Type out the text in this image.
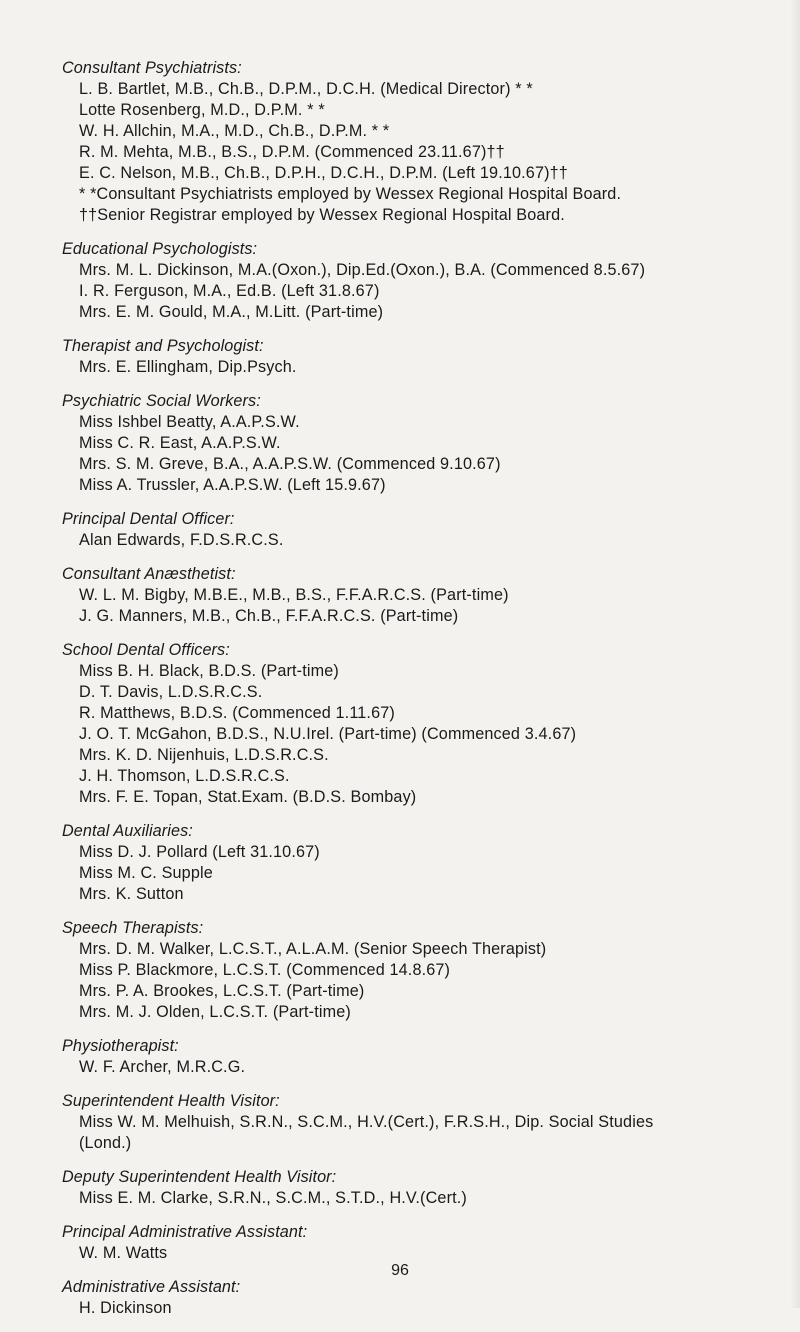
Consultant Psychiatrists:
L. B. Bartlet, M.B., Ch.B., D.P.M., D.C.H. (Medical Director) * *
Lotte Rosenberg, M.D., D.P.M. * *
W. H. Allchin, M.A., M.D., Ch.B., D.P.M. * *
R. M. Mehta, M.B., B.S., D.P.M. (Commenced 23.11.67)††
E. C. Nelson, M.B., Ch.B., D.P.H., D.C.H., D.P.M. (Left 19.10.67)††
* *Consultant Psychiatrists employed by Wessex Regional Hospital Board.
††Senior Registrar employed by Wessex Regional Hospital Board.
Educational Psychologists:
Mrs. M. L. Dickinson, M.A.(Oxon.), Dip.Ed.(Oxon.), B.A. (Commenced 8.5.67)
I. R. Ferguson, M.A., Ed.B. (Left 31.8.67)
Mrs. E. M. Gould, M.A., M.Litt. (Part-time)
Therapist and Psychologist:
Mrs. E. Ellingham, Dip.Psych.
Psychiatric Social Workers:
Miss Ishbel Beatty, A.A.P.S.W.
Miss C. R. East, A.A.P.S.W.
Mrs. S. M. Greve, B.A., A.A.P.S.W. (Commenced 9.10.67)
Miss A. Trussler, A.A.P.S.W. (Left 15.9.67)
Principal Dental Officer:
Alan Edwards, F.D.S.R.C.S.
Consultant Anæsthetist:
W. L. M. Bigby, M.B.E., M.B., B.S., F.F.A.R.C.S. (Part-time)
J. G. Manners, M.B., Ch.B., F.F.A.R.C.S. (Part-time)
School Dental Officers:
Miss B. H. Black, B.D.S. (Part-time)
D. T. Davis, L.D.S.R.C.S.
R. Matthews, B.D.S. (Commenced 1.11.67)
J. O. T. McGahon, B.D.S., N.U.Irel. (Part-time) (Commenced 3.4.67)
Mrs. K. D. Nijenhuis, L.D.S.R.C.S.
J. H. Thomson, L.D.S.R.C.S.
Mrs. F. E. Topan, Stat.Exam. (B.D.S. Bombay)
Dental Auxiliaries:
Miss D. J. Pollard (Left 31.10.67)
Miss M. C. Supple
Mrs. K. Sutton
Speech Therapists:
Mrs. D. M. Walker, L.C.S.T., A.L.A.M. (Senior Speech Therapist)
Miss P. Blackmore, L.C.S.T. (Commenced 14.8.67)
Mrs. P. A. Brookes, L.C.S.T. (Part-time)
Mrs. M. J. Olden, L.C.S.T. (Part-time)
Physiotherapist:
W. F. Archer, M.R.C.G.
Superintendent Health Visitor:
Miss W. M. Melhuish, S.R.N., S.C.M., H.V.(Cert.), F.R.S.H., Dip. Social Studies
(Lond.)
Deputy Superintendent Health Visitor:
Miss E. M. Clarke, S.R.N., S.C.M., S.T.D., H.V.(Cert.)
Principal Administrative Assistant:
W. M. Watts
Administrative Assistant:
H. Dickinson
96
